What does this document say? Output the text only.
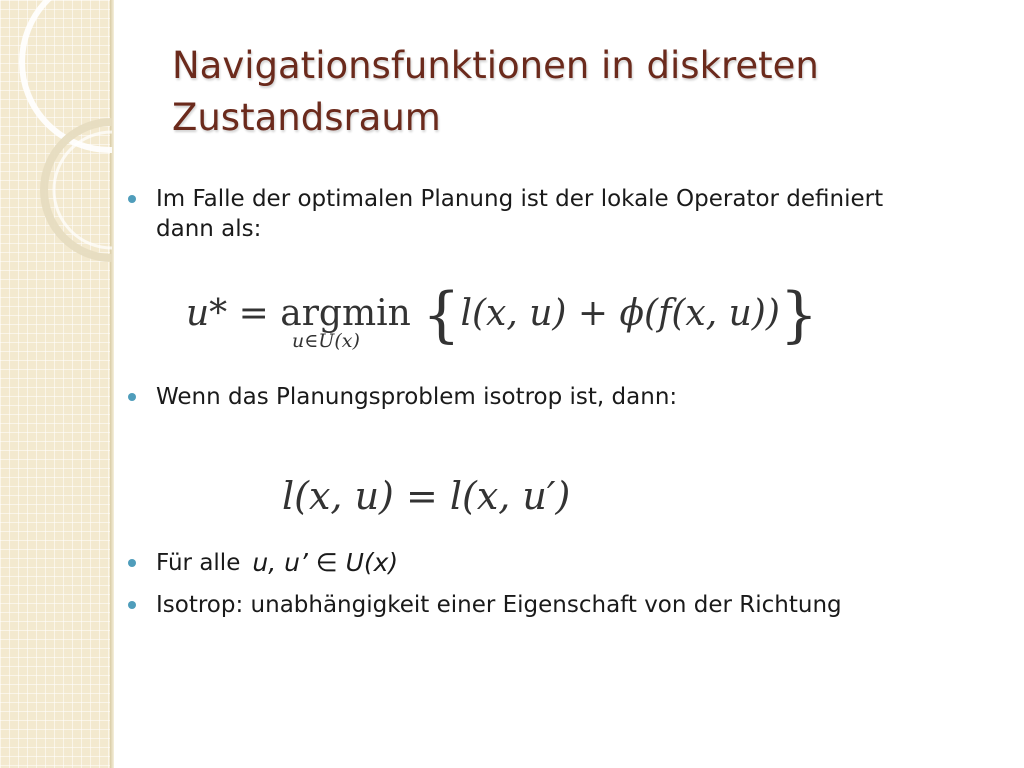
Navigationsfunktionen in diskreten Zustandsraum
Im Falle der optimalen Planung ist der lokale Operator definiert dann als:
u* = argmin {l(x, u) + ϕ(f(x, u))}
u∈U(x)
Wenn das Planungsproblem isotrop ist, dann:
l(x, u) = l(x, u′)
Für alle u, u’ ∈ U(x)
Isotrop: unabhängigkeit einer Eigenschaft von der Richtung
